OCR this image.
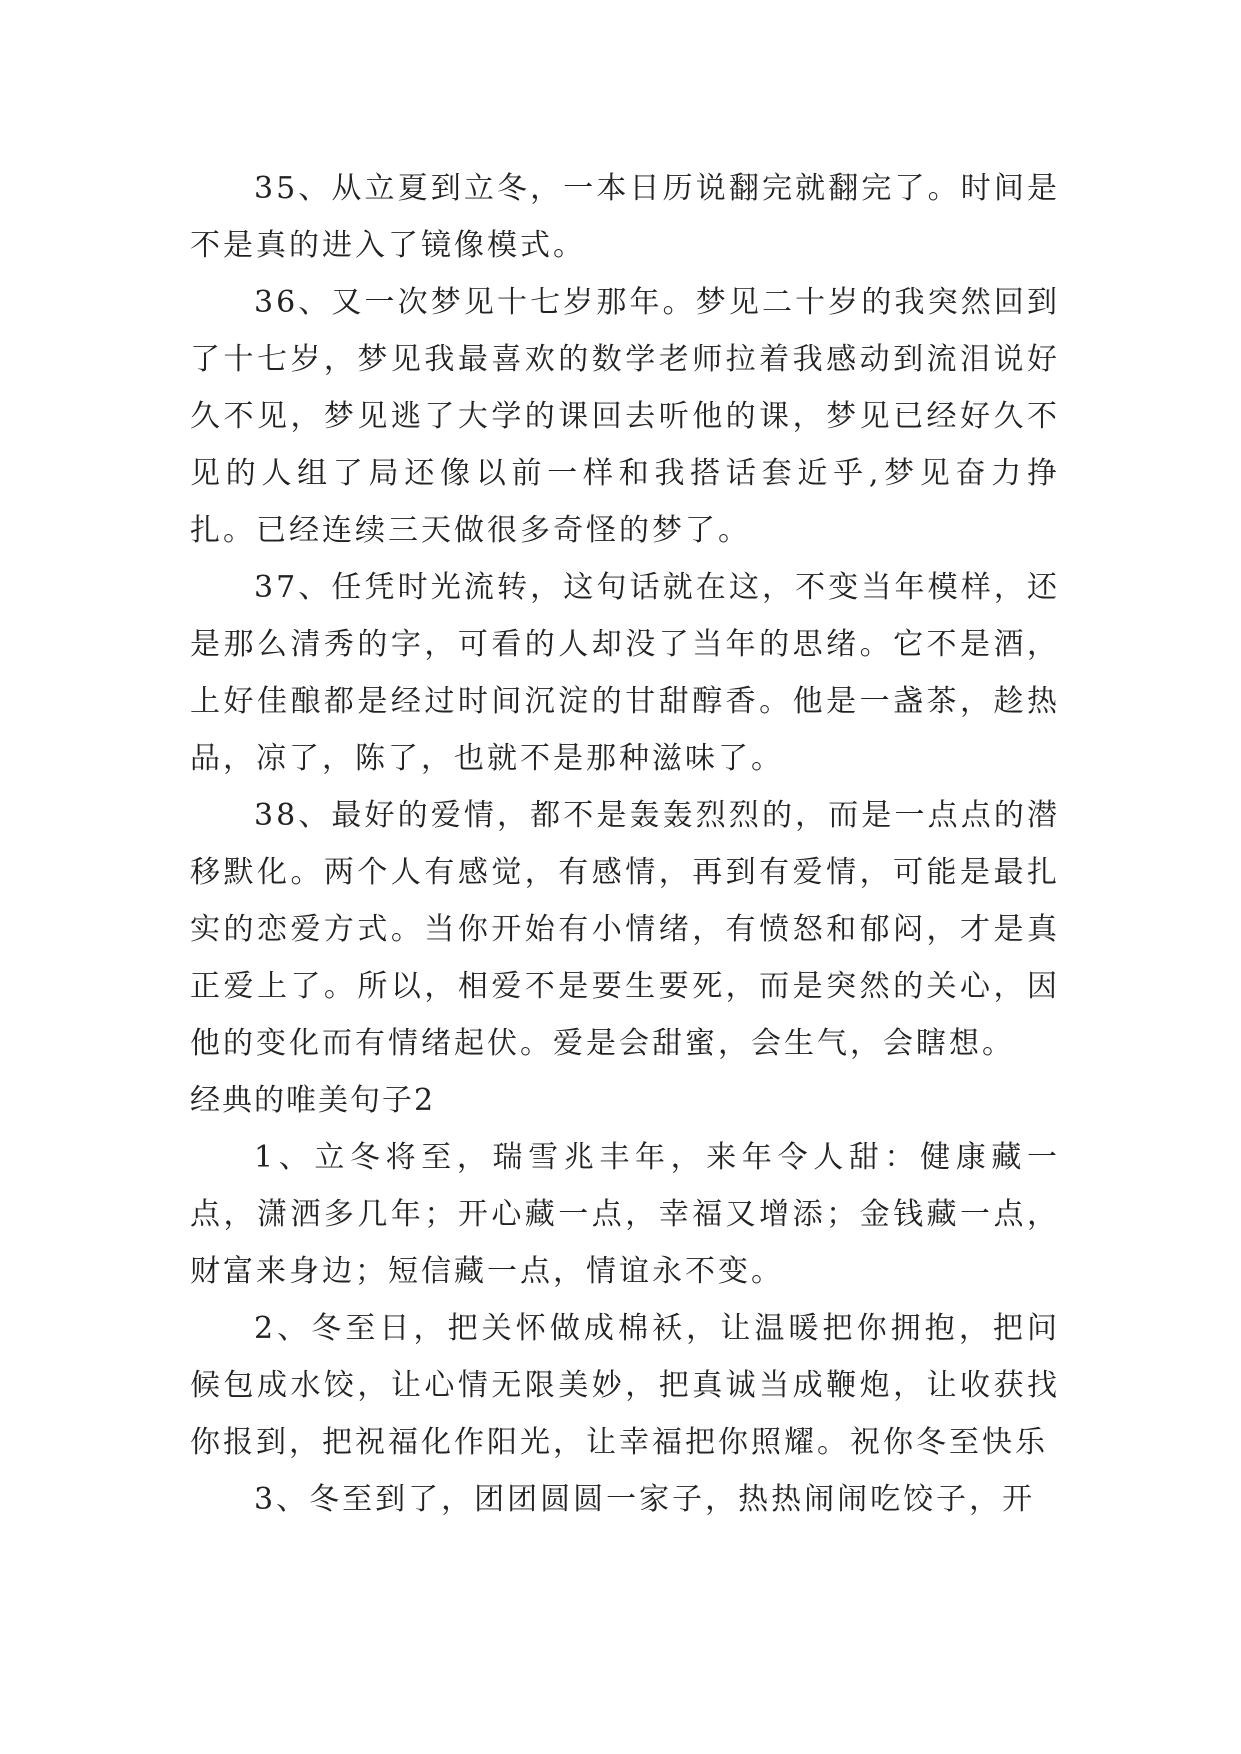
35、从立夏到立冬，一本日历说翻完就翻完了。时间是不是真的进入了镜像模式。

36、又一次梦见十七岁那年。梦见二十岁的我突然回到了十七岁，梦见我最喜欢的数学老师拉着我感动到流泪说好久不见，梦见逃了大学的课回去听他的课，梦见已经好久不见的人组了局还像以前一样和我搭话套近乎,梦见奋力挣扎。已经连续三天做很多奇怪的梦了。

37、任凭时光流转，这句话就在这，不变当年模样，还是那么清秀的字，可看的人却没了当年的思绪。它不是酒，上好佳酿都是经过时间沉淀的甘甜醇香。他是一盏茶，趁热品，凉了，陈了，也就不是那种滋味了。

38、最好的爱情，都不是轰轰烈烈的，而是一点点的潜移默化。两个人有感觉，有感情，再到有爱情，可能是最扎实的恋爱方式。当你开始有小情绪，有愤怒和郁闷，才是真正爱上了。所以，相爱不是要生要死，而是突然的关心，因他的变化而有情绪起伏。爱是会甜蜜，会生气，会瞎想。

经典的唯美句子2

1、立冬将至，瑞雪兆丰年，来年令人甜：健康藏一点，潇洒多几年；开心藏一点，幸福又增添；金钱藏一点，财富来身边；短信藏一点，情谊永不变。

2、冬至日，把关怀做成棉袄，让温暖把你拥抱，把问候包成水饺，让心情无限美妙，把真诚当成鞭炮，让收获找你报到，把祝福化作阳光，让幸福把你照耀。祝你冬至快乐

3、冬至到了，团团圆圆一家子，热热闹闹吃饺子，开
